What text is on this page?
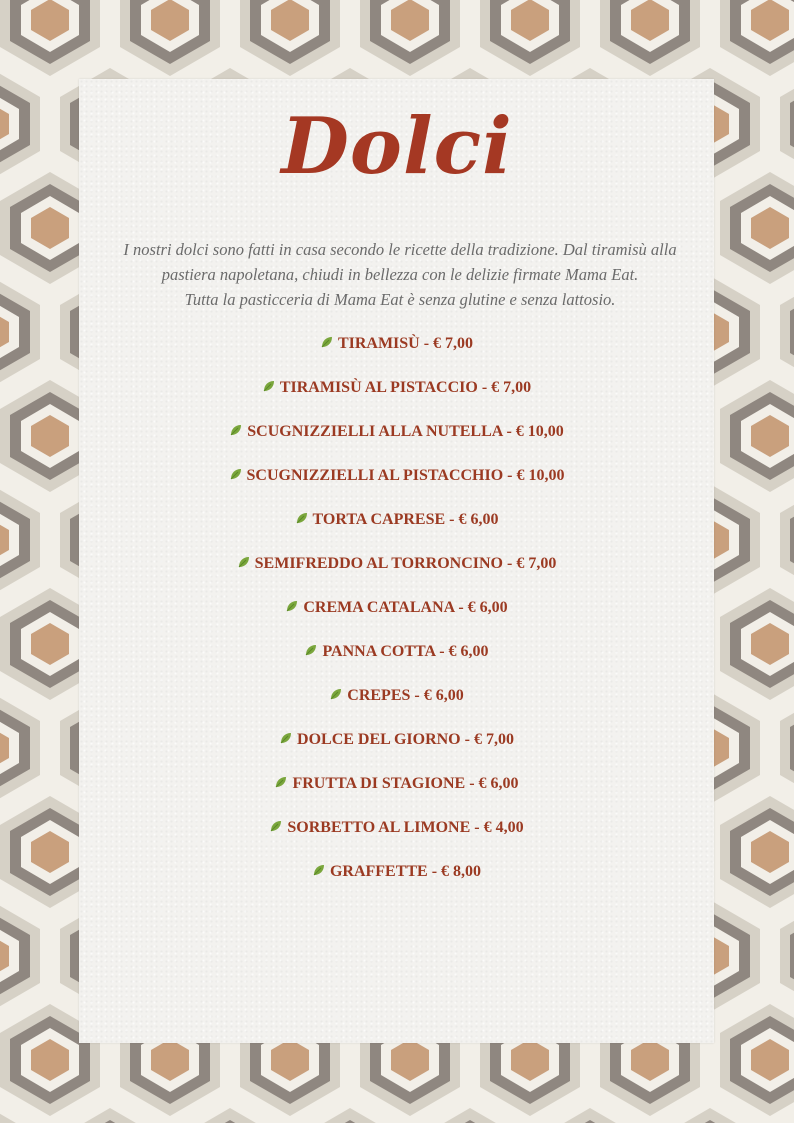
Dolci

I nostri dolci sono fatti in casa secondo le ricette della tradizione. Dal tiramisù alla
pastiera napoletana, chiudi in bellezza con le delizie firmate Mama Eat.
Tutta la pasticceria di Mama Eat è senza glutine e senza lattosio.

TIRAMISÙ - € 7,00
TIRAMISÙ AL PISTACCIO - € 7,00
SCUGNIZZIELLI ALLA NUTELLA - € 10,00
SCUGNIZZIELLI AL PISTACCHIO - € 10,00
TORTA CAPRESE - € 6,00
SEMIFREDDO AL TORRONCINO - € 7,00
CREMA CATALANA - € 6,00
PANNA COTTA - € 6,00
CREPES - € 6,00
DOLCE DEL GIORNO - € 7,00
FRUTTA DI STAGIONE - € 6,00
SORBETTO AL LIMONE - € 4,00
GRAFFETTE - € 8,00
